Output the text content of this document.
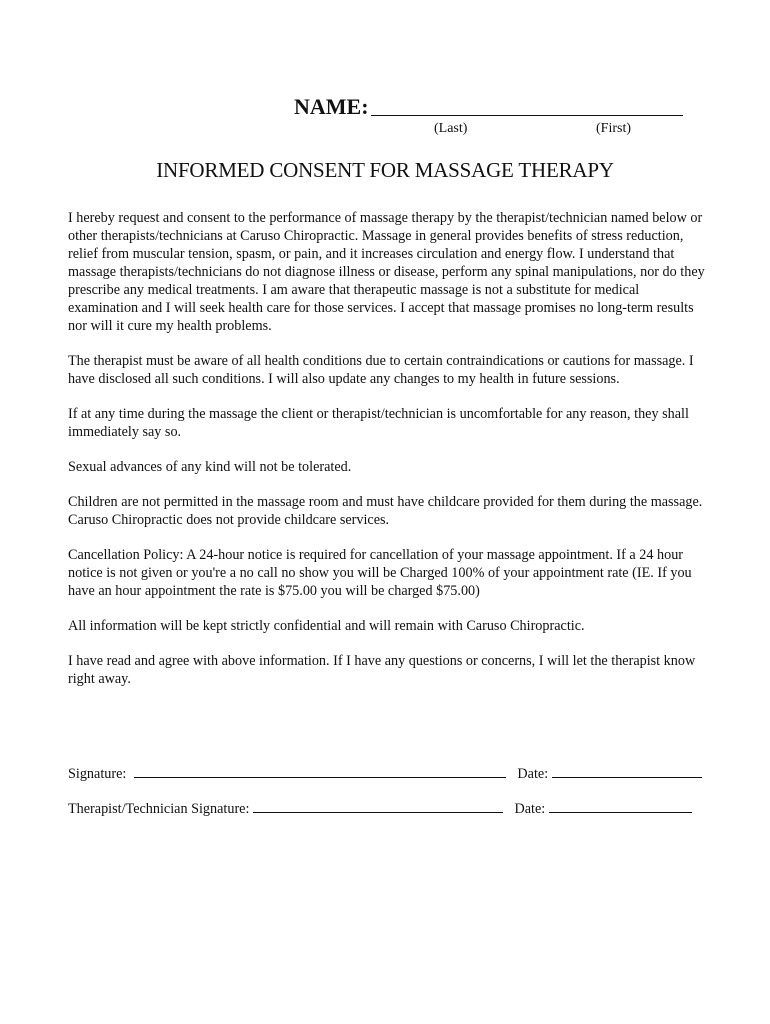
NAME:
(Last)	(First)
INFORMED CONSENT FOR MASSAGE THERAPY

I hereby request and consent to the performance of massage therapy by the therapist/technician named below or other therapists/technicians at Caruso Chiropractic. Massage in general provides benefits of stress reduction, relief from muscular tension, spasm, or pain, and it increases circulation and energy flow. I understand that massage therapists/technicians do not diagnose illness or disease, perform any spinal manipulations, nor do they prescribe any medical treatments. I am aware that therapeutic massage is not a substitute for medical examination and I will seek health care for those services. I accept that massage promises no long-term results nor will it cure my health problems.

The therapist must be aware of all health conditions due to certain contraindications or cautions for massage. I have disclosed all such conditions. I will also update any changes to my health in future sessions.

If at any time during the massage the client or therapist/technician is uncomfortable for any reason, they shall immediately say so.

Sexual advances of any kind will not be tolerated.

Children are not permitted in the massage room and must have childcare provided for them during the massage. Caruso Chiropractic does not provide childcare services.

Cancellation Policy: A 24-hour notice is required for cancellation of your massage appointment. If a 24 hour notice is not given or you're a no call no show you will be Charged 100% of your appointment rate (IE. If you have an hour appointment the rate is $75.00 you will be charged $75.00)

All information will be kept strictly confidential and will remain with Caruso Chiropractic.

I have read and agree with above information. If I have any questions or concerns, I will let the therapist know right away.

Signature:	Date:
Therapist/Technician Signature:	Date:
